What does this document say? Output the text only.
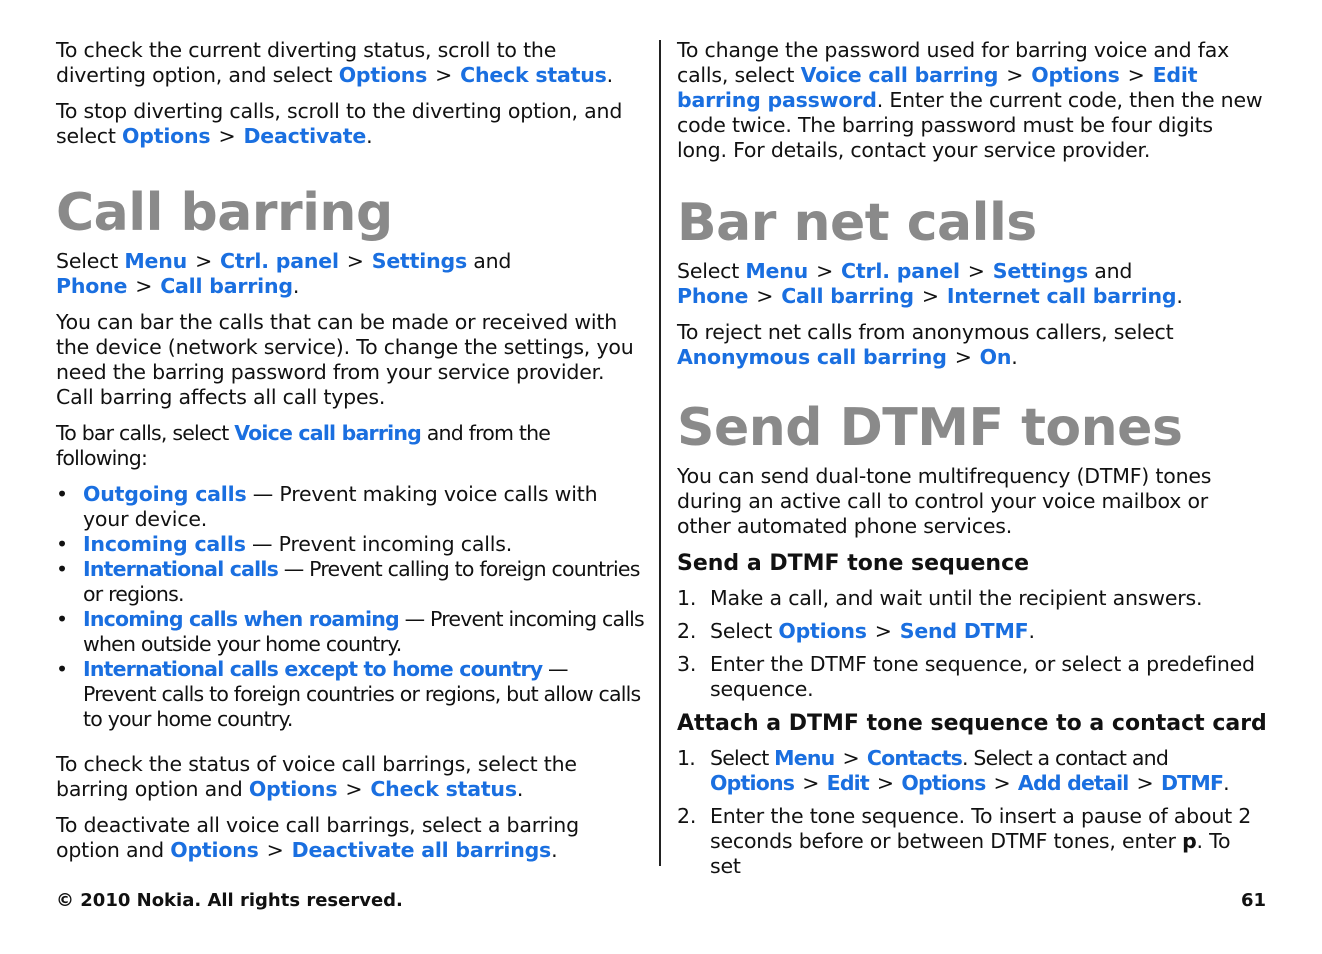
To check the current diverting status, scroll to the diverting option, and select Options > Check status.

To stop diverting calls, scroll to the diverting option, and select Options > Deactivate.

Call barring

Select Menu > Ctrl. panel > Settings and Phone > Call barring.

You can bar the calls that can be made or received with the device (network service). To change the settings, you need the barring password from your service provider. Call barring affects all call types.

To bar calls, select Voice call barring and from the following:

• Outgoing calls — Prevent making voice calls with your device.
• Incoming calls — Prevent incoming calls.
• International calls — Prevent calling to foreign countries or regions.
• Incoming calls when roaming — Prevent incoming calls when outside your home country.
• International calls except to home country — Prevent calls to foreign countries or regions, but allow calls to your home country.

To check the status of voice call barrings, select the barring option and Options > Check status.

To deactivate all voice call barrings, select a barring option and Options > Deactivate all barrings.

To change the password used for barring voice and fax calls, select Voice call barring > Options > Edit barring password. Enter the current code, then the new code twice. The barring password must be four digits long. For details, contact your service provider.

Bar net calls

Select Menu > Ctrl. panel > Settings and Phone > Call barring > Internet call barring.

To reject net calls from anonymous callers, select Anonymous call barring > On.

Send DTMF tones

You can send dual-tone multifrequency (DTMF) tones during an active call to control your voice mailbox or other automated phone services.

Send a DTMF tone sequence
1. Make a call, and wait until the recipient answers.
2. Select Options > Send DTMF.
3. Enter the DTMF tone sequence, or select a predefined sequence.
Attach a DTMF tone sequence to a contact card
1. Select Menu > Contacts. Select a contact and Options > Edit > Options > Add detail > DTMF.
2. Enter the tone sequence. To insert a pause of about 2 seconds before or between DTMF tones, enter p. To set
© 2010 Nokia. All rights reserved.	61
